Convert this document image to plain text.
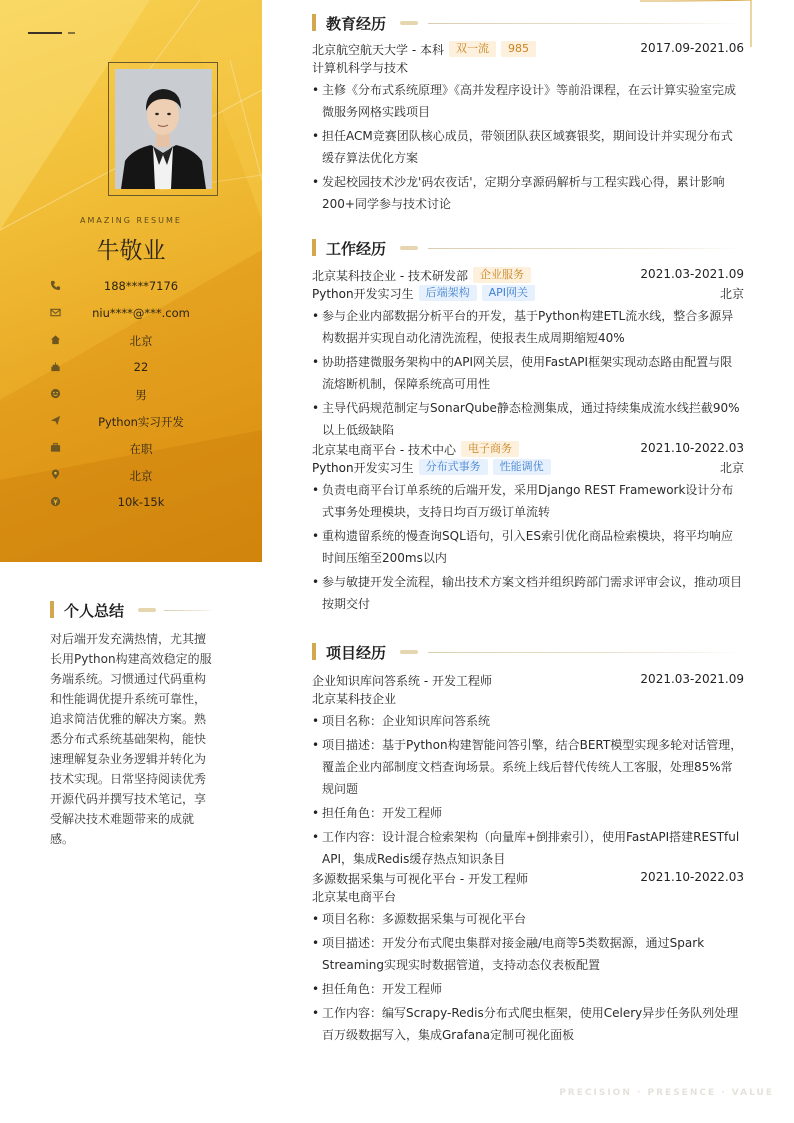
AMAZING RESUME
牛敬业
188****7176
niu****@***.com
北京
22
男
Python实习开发
在职
北京
10k-15k
个人总结
对后端开发充满热情，尤其擅长用Python构建高效稳定的服务端系统。习惯通过代码重构和性能调优提升系统可靠性，追求简洁优雅的解决方案。熟悉分布式系统基础架构，能快速理解复杂业务逻辑并转化为技术实现。日常坚持阅读优秀开源代码并撰写技术笔记，享受解决技术难题带来的成就感。
教育经历
北京航空航天大学 - 本科 双一流 985	2017.09-2021.06
计算机科学与技术
• 主修《分布式系统原理》《高并发程序设计》等前沿课程，在云计算实验室完成微服务网格实践项目
• 担任ACM竞赛团队核心成员，带领团队获区域赛银奖，期间设计并实现分布式缓存算法优化方案
• 发起校园技术沙龙'码农夜话'，定期分享源码解析与工程实践心得，累计影响200+同学参与技术讨论
工作经历
北京某科技企业 - 技术研发部 企业服务	2021.03-2021.09
Python开发实习生 后端架构 API网关	北京
• 参与企业内部数据分析平台的开发，基于Python构建ETL流水线，整合多源异构数据并实现自动化清洗流程，使报表生成周期缩短40%
• 协助搭建微服务架构中的API网关层，使用FastAPI框架实现动态路由配置与限流熔断机制，保障系统高可用性
• 主导代码规范制定与SonarQube静态检测集成，通过持续集成流水线拦截90%以上低级缺陷
北京某电商平台 - 技术中心 电子商务	2021.10-2022.03
Python开发实习生 分布式事务 性能调优	北京
• 负责电商平台订单系统的后端开发，采用Django REST Framework设计分布式事务处理模块，支持日均百万级订单流转
• 重构遗留系统的慢查询SQL语句，引入ES索引优化商品检索模块，将平均响应时间压缩至200ms以内
• 参与敏捷开发全流程，输出技术方案文档并组织跨部门需求评审会议，推动项目按期交付
项目经历
企业知识库问答系统 - 开发工程师	2021.03-2021.09
北京某科技企业
• 项目名称：企业知识库问答系统
• 项目描述：基于Python构建智能问答引擎，结合BERT模型实现多轮对话管理，覆盖企业内部制度文档查询场景。系统上线后替代传统人工客服，处理85%常规问题
• 担任角色：开发工程师
• 工作内容：设计混合检索架构（向量库+倒排索引），使用FastAPI搭建RESTful API，集成Redis缓存热点知识条目
多源数据采集与可视化平台 - 开发工程师	2021.10-2022.03
北京某电商平台
• 项目名称：多源数据采集与可视化平台
• 项目描述：开发分布式爬虫集群对接金融/电商等5类数据源，通过Spark Streaming实现实时数据管道，支持动态仪表板配置
• 担任角色：开发工程师
• 工作内容：编写Scrapy-Redis分布式爬虫框架，使用Celery异步任务队列处理百万级数据写入，集成Grafana定制可视化面板
PRECISION · PRESENCE · VALUE
